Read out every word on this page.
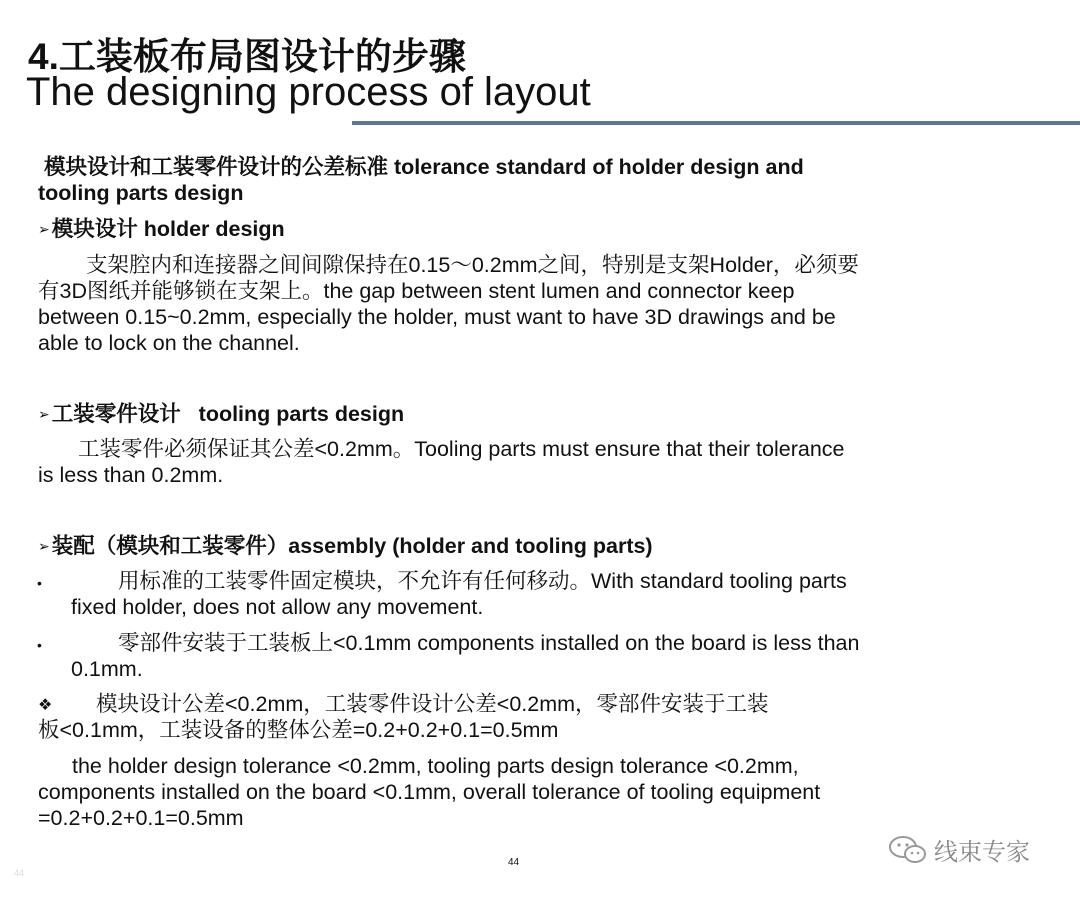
4.工装板布局图设计的步骤
The designing process of layout
模块设计和工装零件设计的公差标准 tolerance standard of holder design and
tooling parts design
➢模块设计 holder design
支架腔内和连接器之间间隙保持在0.15～0.2mm之间，特别是支架Holder，必须要
有3D图纸并能够锁在支架上。the gap between stent lumen and connector keep
between 0.15~0.2mm, especially the holder, must want to have 3D drawings and be
able to lock on the channel.
➢工装零件设计   tooling parts design
工装零件必须保证其公差<0.2mm。Tooling parts must ensure that their tolerance
is less than 0.2mm.
➢装配（模块和工装零件）assembly (holder and tooling parts)
•	用标准的工装零件固定模块，不允许有任何移动。With standard tooling parts
fixed holder, does not allow any movement.
•	零部件安装于工装板上<0.1mm components installed on the board is less than
0.1mm.
❖ 模块设计公差<0.2mm，工装零件设计公差<0.2mm，零部件安装于工装
板<0.1mm，工装设备的整体公差=0.2+0.2+0.1=0.5mm
the holder design tolerance <0.2mm, tooling parts design tolerance <0.2mm,
components installed on the board <0.1mm, overall tolerance of tooling equipment
=0.2+0.2+0.1=0.5mm
44
44
线束专家
